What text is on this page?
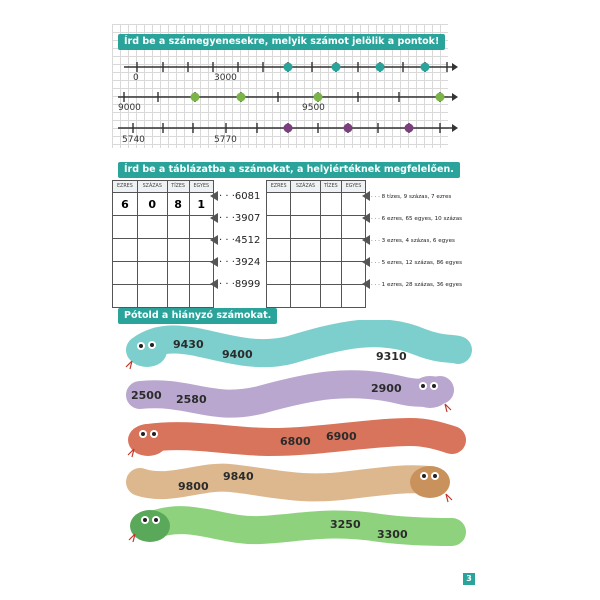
Írd be a számegyenesekre, melyik számot jelölik a pontok!
0	3000
9000	9500
5740	5770
Írd be a táblázatba a számokat, a helyiértéknek megfelelően.
EZRES	SZÁZAS	TÍZES	EGYES
6	0	8	1

· · ·6081
· · ·3907
· · ·4512
· · ·3924
· · ·8999
EZRES	SZÁZAS	TÍZES	EGYES

· · · 8 tízes, 9 százas, 7 ezres
· · · 6 ezres, 65 egyes, 10 százas
· · · 3 ezres, 4 százas, 6 egyes
· · · 5 ezres, 12 százas, 86 egyes
· · · 1 ezres, 28 százas, 36 egyes
Pótold a hiányzó számokat.
9430
9400	9310
2500 2580
2900
6800 6900
9800
9840
3250
3300
3
